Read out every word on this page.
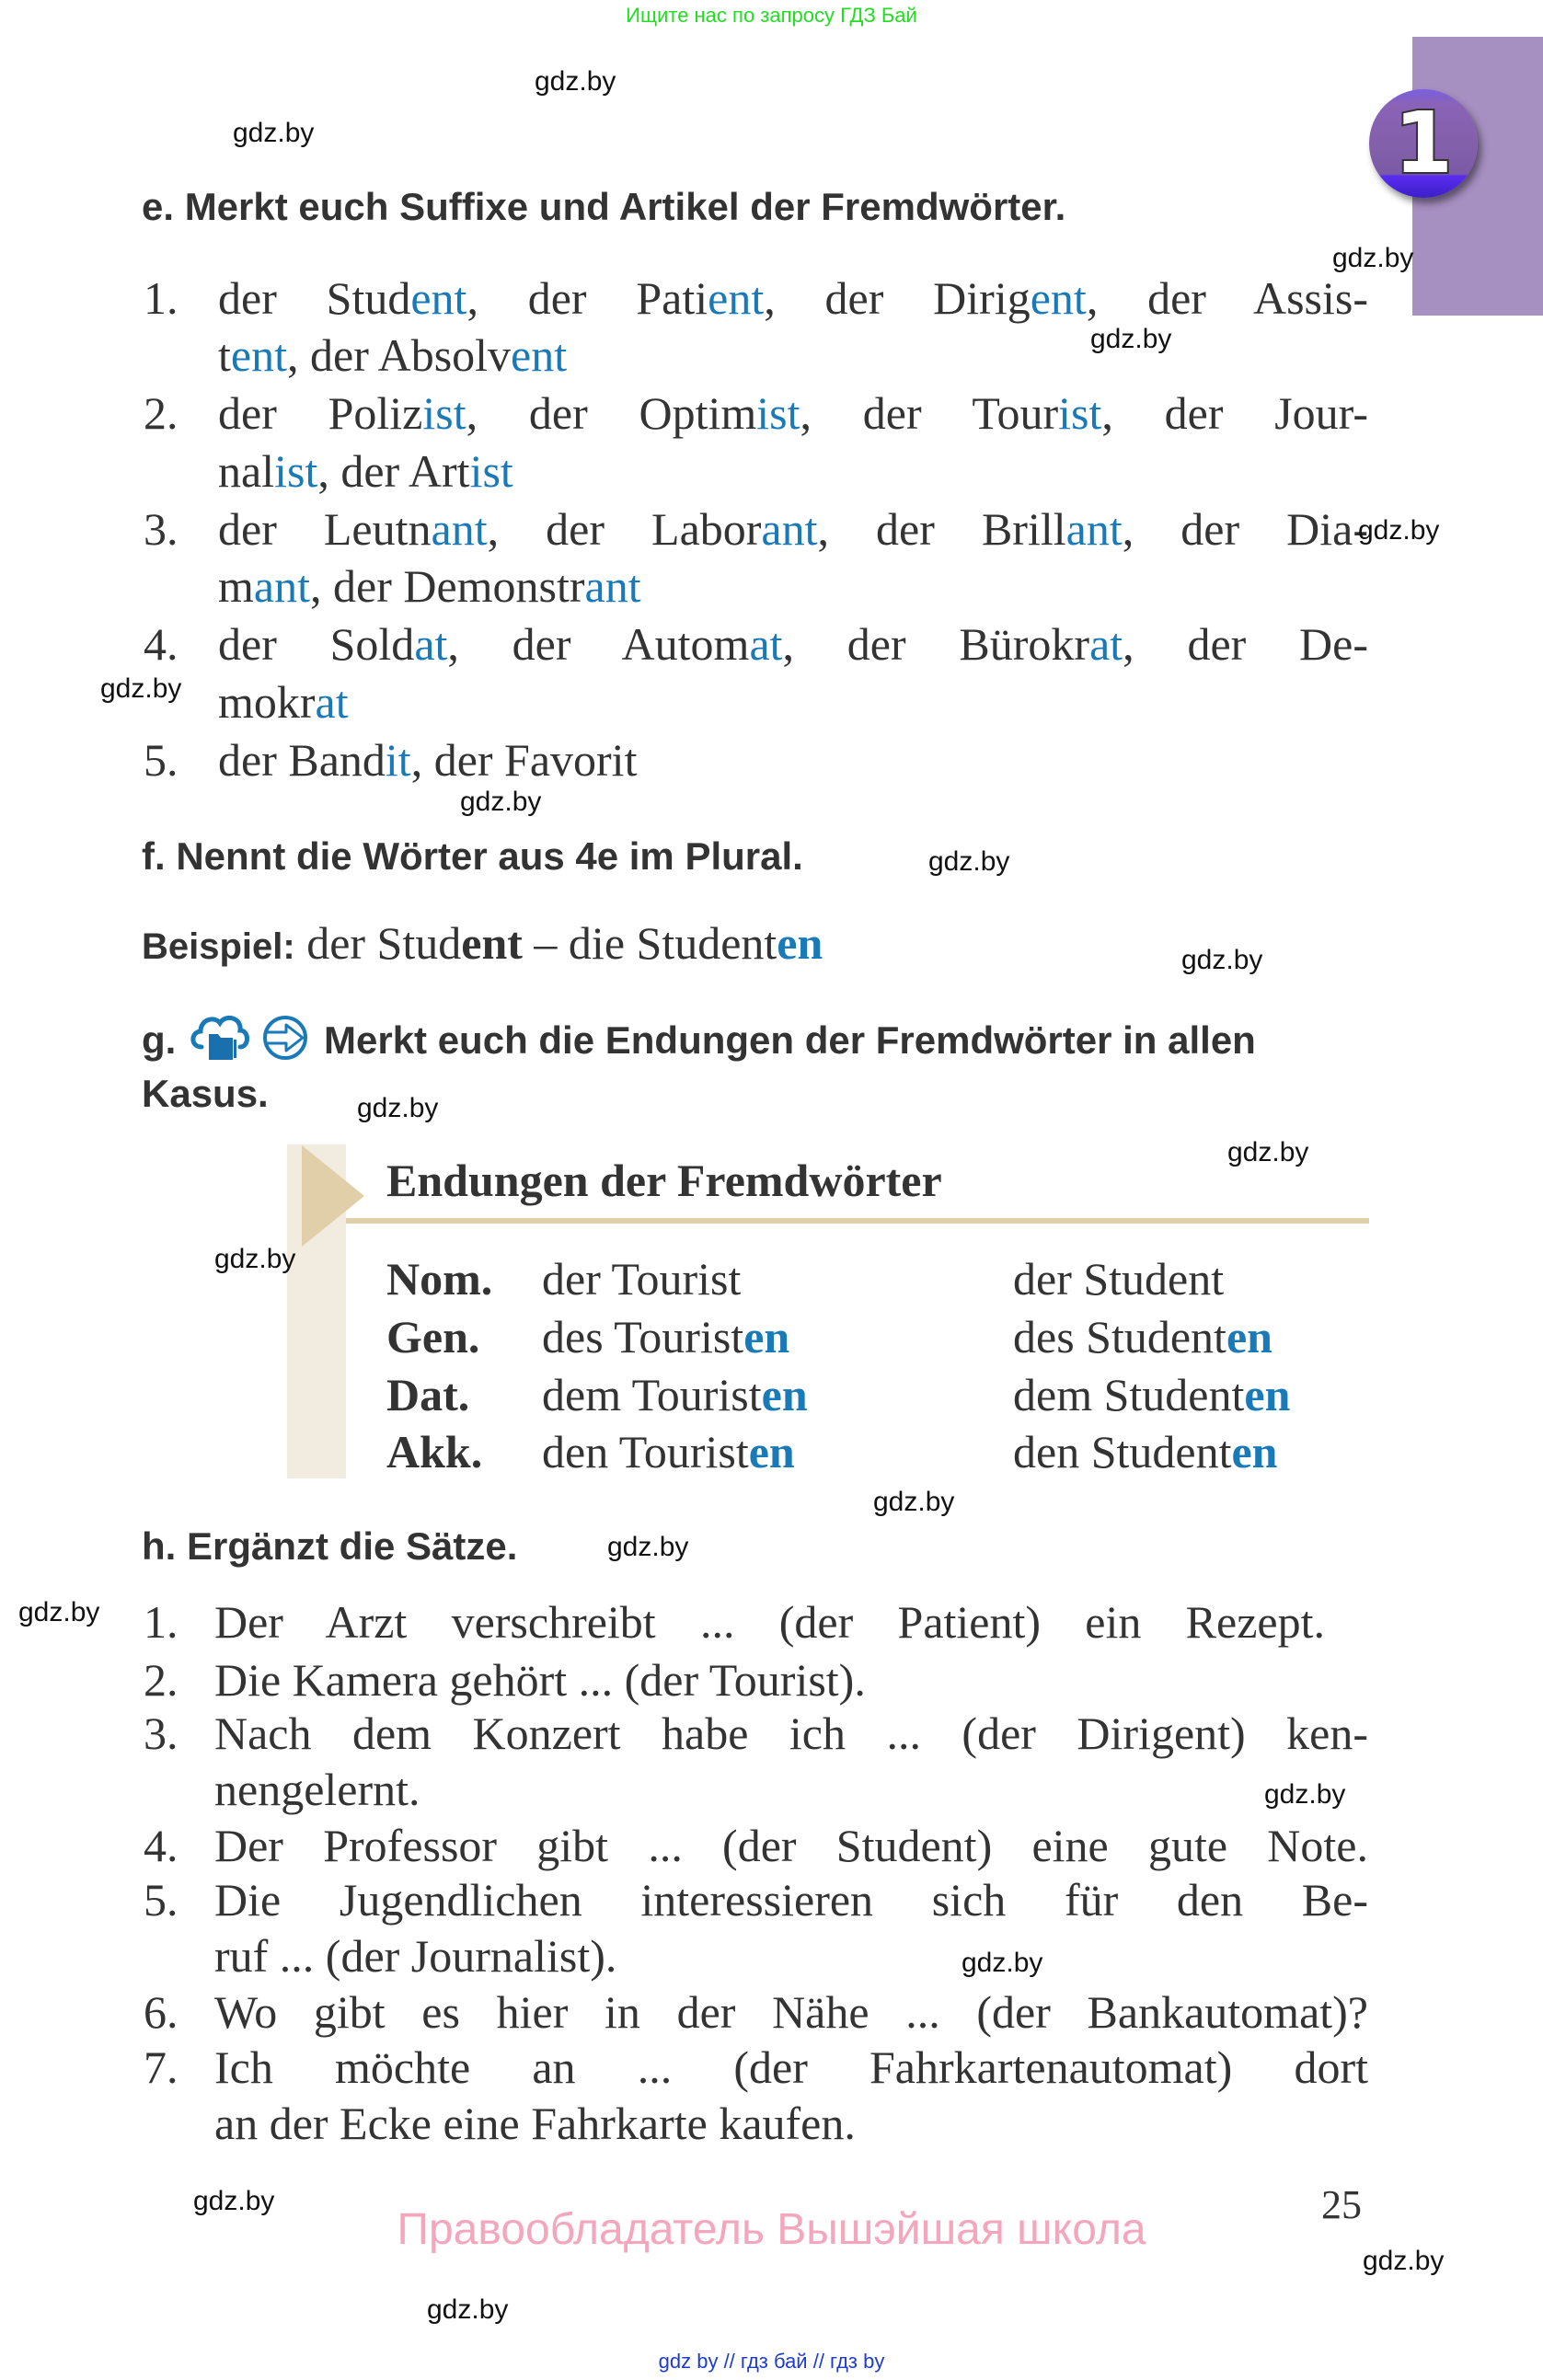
Ищите нас по запросу ГДЗ Бай
1
e. Merkt euch Suffixe und Artikel der Fremdwörter.
1. der Student, der Patient, der Dirigent, der Assis-
tent, der Absolvent
2. der Polizist, der Optimist, der Tourist, der Jour-
nalist, der Artist
3. der Leutnant, der Laborant, der Brillant, der Dia-
mant, der Demonstrant
4. der Soldat, der Automat, der Bürokrat, der De-
mokrat
5. der Bandit, der Favorit
f. Nennt die Wörter aus 4e im Plural.
Beispiel: der Student – die Studenten
g.	Merkt euch die Endungen der Fremdwörter in allen
Kasus.
Endungen der Fremdwörter
Nom. der Tourist	der Student
Gen. des Touristen	des Studenten
Dat. dem Touristen	dem Studenten
Akk. den Touristen	den Studenten
h. Ergänzt die Sätze.
1. Der Arzt verschreibt ... (der Patient) ein Rezept.
2. Die Kamera gehört ... (der Tourist).
3. Nach dem Konzert habe ich ... (der Dirigent) ken-
nengelernt.
4. Der Professor gibt ... (der Student) eine gute Note.
5. Die Jugendlichen interessieren sich für den Be-
ruf ... (der Journalist).
6. Wo gibt es hier in der Nähe ... (der Bankautomat)?
7. Ich möchte an ... (der Fahrkartenautomat) dort
an der Ecke eine Fahrkarte kaufen.
25
Правообладатель Вышэйшая школа
gdz by // гдз бай // гдз by
gdz.by
gdz.by
gdz.by
gdz.by
gdz.by
gdz.by
gdz.by
gdz.by
gdz.by
gdz.by
gdz.by
gdz.by
gdz.by
gdz.by
gdz.by
gdz.by
gdz.by
gdz.by
gdz.by
gdz.by
